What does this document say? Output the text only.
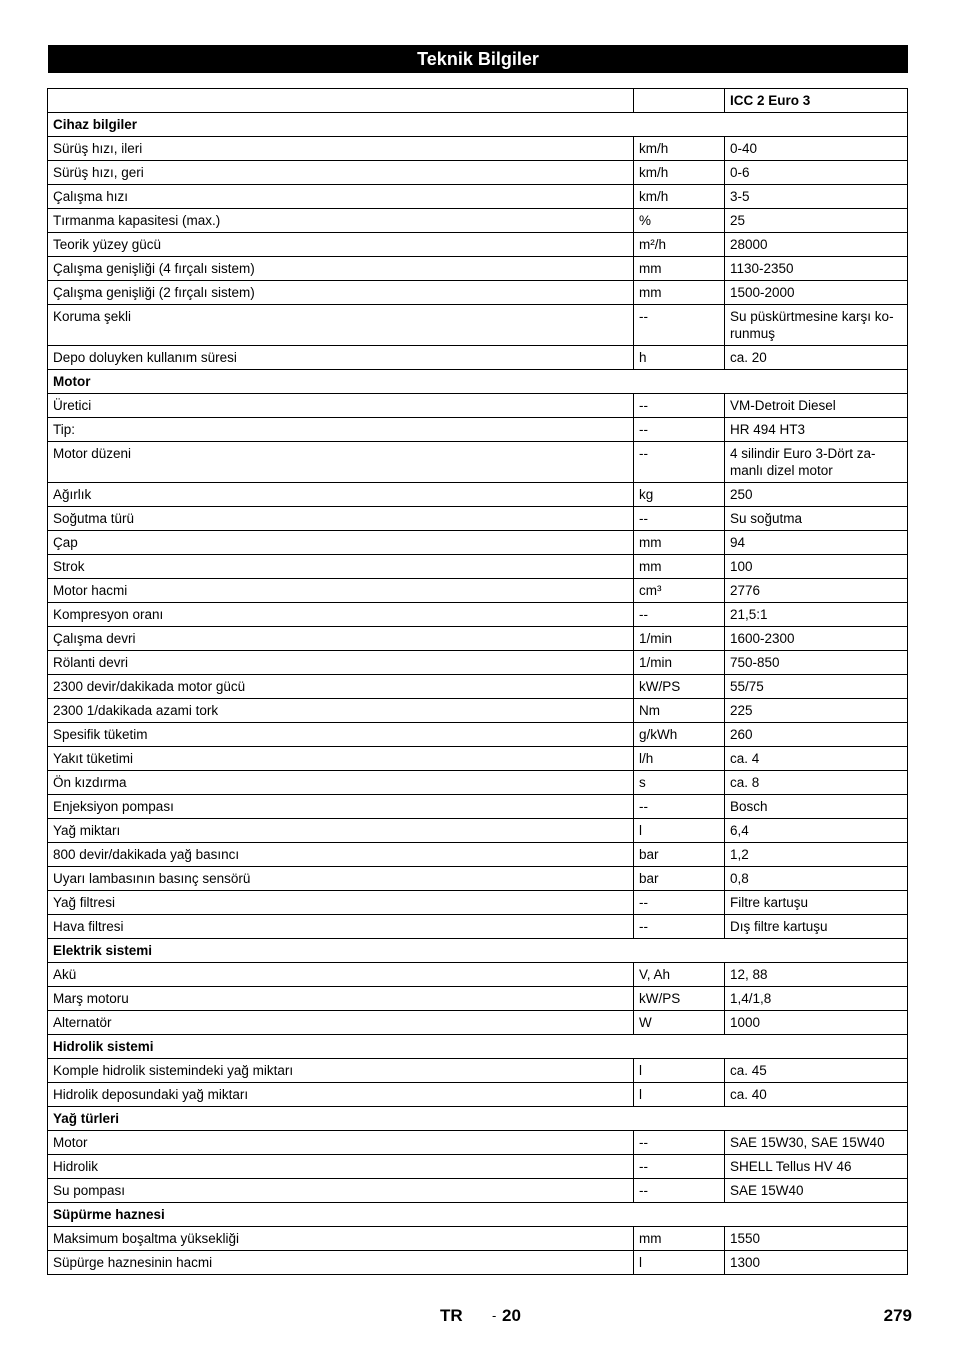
Teknik Bilgiler
		ICC 2 Euro 3
Cihaz bilgiler		
Sürüş hızı, ileri	km/h	0-40
Sürüş hızı, geri	km/h	0-6
Çalışma hızı	km/h	3-5
Tırmanma kapasitesi (max.)	%	25
Teorik yüzey gücü	m²/h	28000
Çalışma genişliği (4 fırçalı sistem)	mm	1130-2350
Çalışma genişliği (2 fırçalı sistem)	mm	1500-2000
Koruma şekli	--	Su püskürtmesine karşı ko-runmuş
Depo doluyken kullanım süresi	h	ca. 20
Motor		
Üretici	--	VM-Detroit Diesel
Tip:	--	HR 494 HT3
Motor düzeni	--	4 silindir Euro 3-Dört za-manlı dizel motor
Ağırlık	kg	250
Soğutma türü	--	Su soğutma
Çap	mm	94
Strok	mm	100
Motor hacmi	cm³	2776
Kompresyon oranı	--	21,5:1
Çalışma devri	1/min	1600-2300
Rölanti devri	1/min	750-850
2300 devir/dakikada motor gücü	kW/PS	55/75
2300 1/dakikada azami tork	Nm	225
Spesifik tüketim	g/kWh	260
Yakıt tüketimi	l/h	ca. 4
Ön kızdırma	s	ca. 8
Enjeksiyon pompası	--	Bosch
Yağ miktarı	l	6,4
800 devir/dakikada yağ basıncı	bar	1,2
Uyarı lambasının basınç sensörü	bar	0,8
Yağ filtresi	--	Filtre kartuşu
Hava filtresi	--	Dış filtre kartuşu
Elektrik sistemi		
Akü	V, Ah	12, 88
Marş motoru	kW/PS	1,4/1,8
Alternatör	W	1000
Hidrolik sistemi		
Komple hidrolik sistemindeki yağ miktarı	l	ca. 45
Hidrolik deposundaki yağ miktarı	l	ca. 40
Yağ türleri		
Motor	--	SAE 15W30, SAE 15W40
Hidrolik	--	SHELL Tellus HV 46
Su pompası	--	SAE 15W40
Süpürme haznesi		
Maksimum boşaltma yüksekliği	mm	1550
Süpürge haznesinin hacmi	l	1300
TR - 20	279
